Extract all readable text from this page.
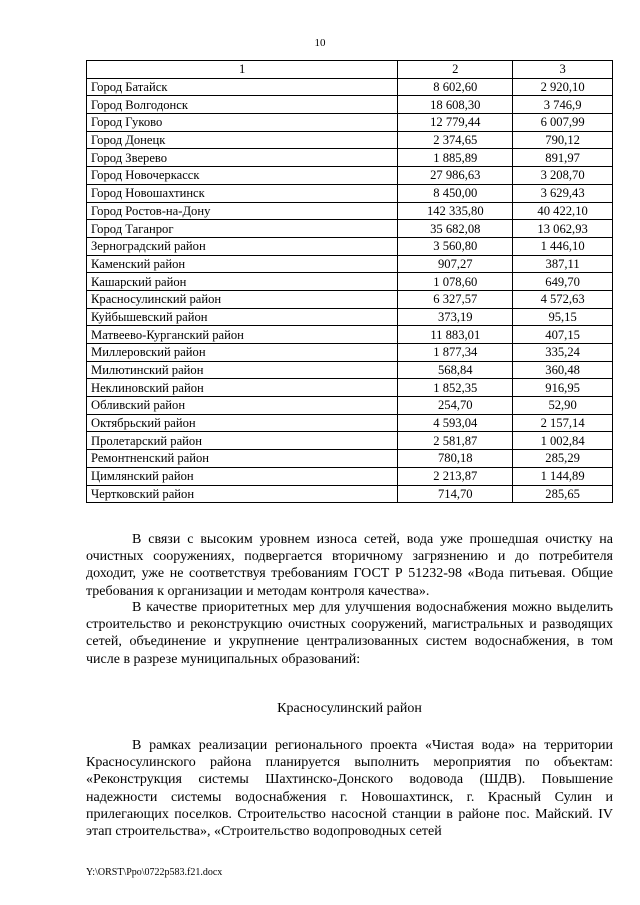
10
1	2	3
Город Батайск	8 602,60	2 920,10
Город Волгодонск	18 608,30	3 746,9
Город Гуково	12 779,44	6 007,99
Город Донецк	2 374,65	790,12
Город Зверево	1 885,89	891,97
Город Новочеркасск	27 986,63	3 208,70
Город Новошахтинск	8 450,00	3 629,43
Город Ростов-на-Дону	142 335,80	40 422,10
Город Таганрог	35 682,08	13 062,93
Зерноградский район	3 560,80	1 446,10
Каменский район	907,27	387,11
Кашарский район	1 078,60	649,70
Красносулинский район	6 327,57	4 572,63
Куйбышевский район	373,19	95,15
Матвеево-Курганский район	11 883,01	407,15
Миллеровский район	1 877,34	335,24
Милютинский район	568,84	360,48
Неклиновский район	1 852,35	916,95
Обливский район	254,70	52,90
Октябрьский район	4 593,04	2 157,14
Пролетарский район	2 581,87	1 002,84
Ремонтненский район	780,18	285,29
Цимлянский район	2 213,87	1 144,89
Чертковский район	714,70	285,65

В связи с высоким уровнем износа сетей, вода уже прошедшая очистку на очистных сооружениях, подвергается вторичному загрязнению и до потребителя доходит, уже не соответствуя требованиям ГОСТ Р 51232-98 «Вода питьевая. Общие требования к организации и методам контроля качества».

В качестве приоритетных мер для улучшения водоснабжения можно выделить строительство и реконструкцию очистных сооружений, магистральных и разводящих сетей, объединение и укрупнение централизованных систем водоснабжения, в том числе в разрезе муниципальных образований:

Красносулинский район

В рамках реализации регионального проекта «Чистая вода» на территории Красносулинского района планируется выполнить мероприятия по объектам: «Реконструкция системы Шахтинско-Донского водовода (ШДВ). Повышение надежности системы водоснабжения г. Новошахтинск, г. Красный Сулин и прилегающих поселков. Строительство насосной станции в районе пос. Майский. IV этап строительства», «Строительство водопроводных сетей

Y:\ORST\Ppo\0722p583.f21.docx
